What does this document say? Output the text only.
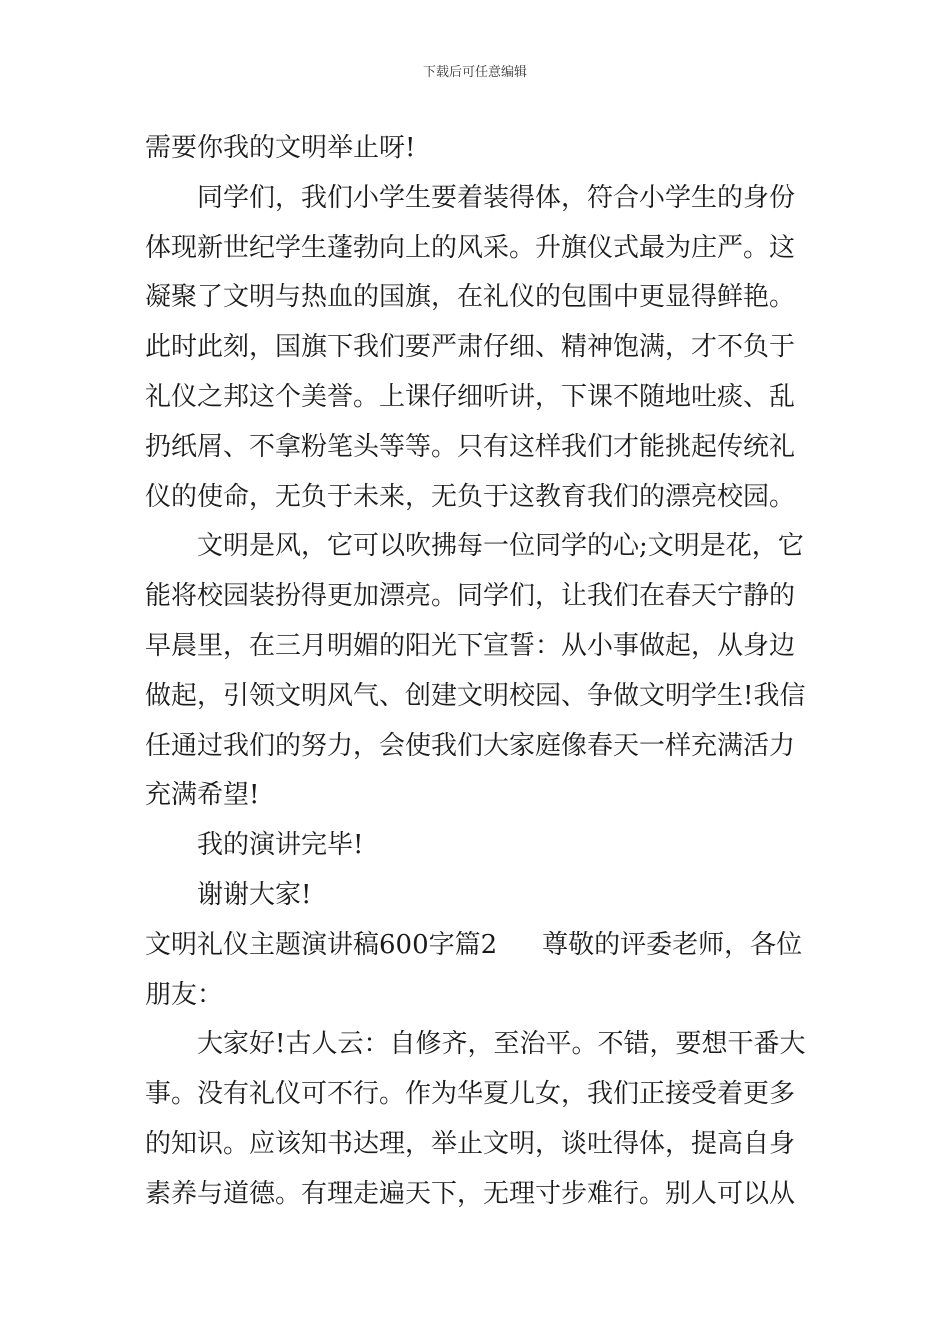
下载后可任意编辑
需要你我的文明举止呀!
同学们，我们小学生要着装得体，符合小学生的身份
体现新世纪学生蓬勃向上的风采。升旗仪式最为庄严。这
凝聚了文明与热血的国旗，在礼仪的包围中更显得鲜艳。
此时此刻，国旗下我们要严肃仔细、精神饱满，才不负于
礼仪之邦这个美誉。上课仔细听讲，下课不随地吐痰、乱
扔纸屑、不拿粉笔头等等。只有这样我们才能挑起传统礼
仪的使命，无负于未来，无负于这教育我们的漂亮校园。
文明是风，它可以吹拂每一位同学的心;文明是花，它
能将校园装扮得更加漂亮。同学们，让我们在春天宁静的
早晨里，在三月明媚的阳光下宣誓：从小事做起，从身边
做起，引领文明风气、创建文明校园、争做文明学生!我信
任通过我们的努力，会使我们大家庭像春天一样充满活力
充满希望!
我的演讲完毕!
谢谢大家!
文明礼仪主题演讲稿600字篇2 尊敬的评委老师，各位
朋友：
大家好!古人云：自修齐，至治平。不错，要想干番大
事。没有礼仪可不行。作为华夏儿女，我们正接受着更多
的知识。应该知书达理，举止文明，谈吐得体，提高自身
素养与道德。有理走遍天下，无理寸步难行。别人可以从
